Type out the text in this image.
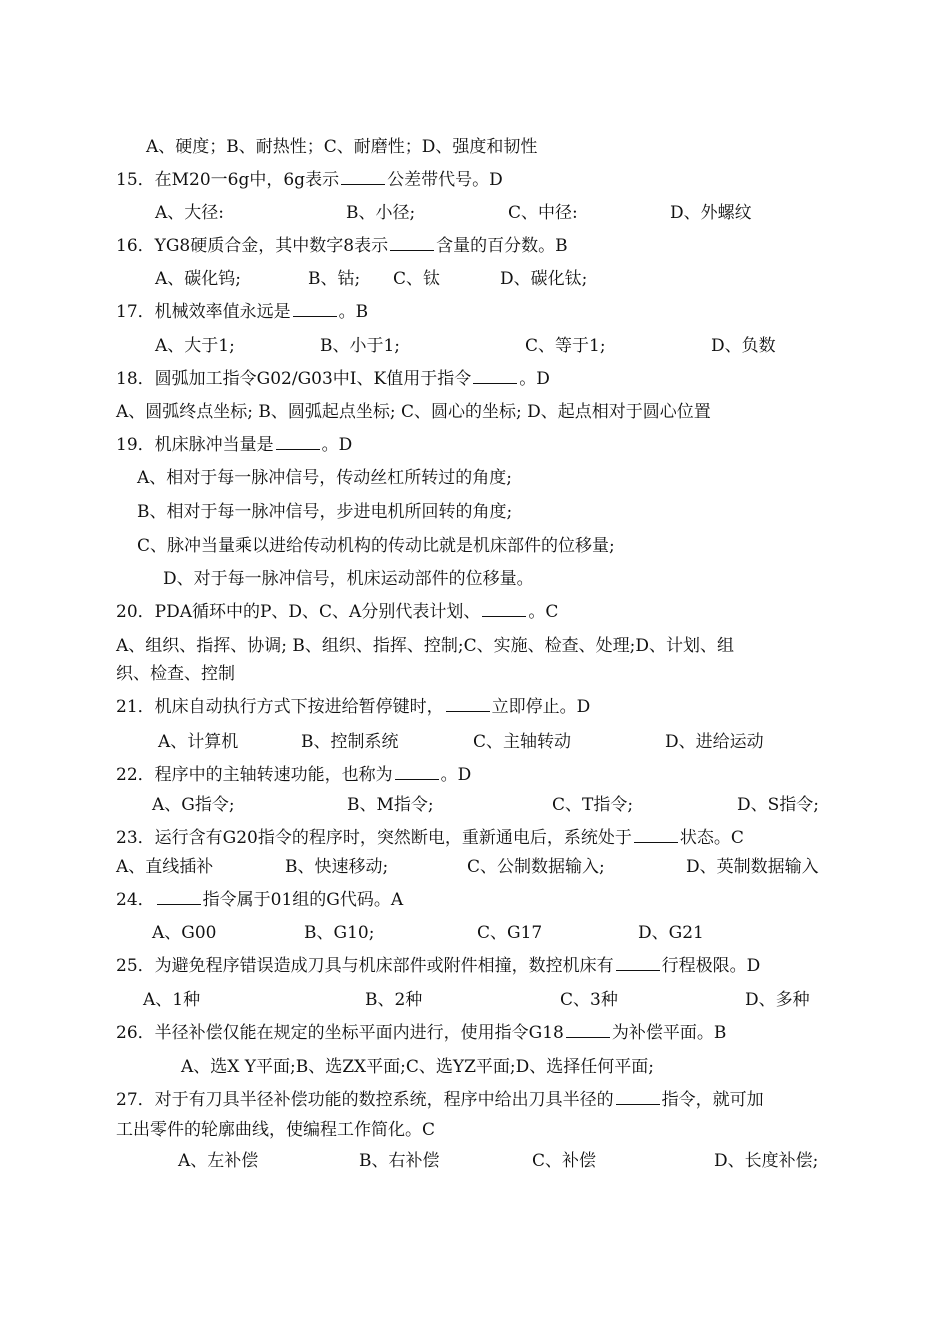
A、硬度；B、耐热性；C、耐磨性；D、强度和韧性
15．在M20一6g中，6g表示	公差带代号。D
A、大径:	B、小径;	C、中径:	D、外螺纹
16．YG8硬质合金，其中数字8表示	含量的百分数。B
A、碳化钨;	B、钴; C、钛	D、碳化钛;
17．机械效率值永远是	。B
A、大于1;	B、小于1;	C、等于1;	D、负数
18．圆弧加工指令G02/G03中I、K值用于指令	。D
A、圆弧终点坐标; B、圆弧起点坐标; C、圆心的坐标; D、起点相对于圆心位置
19．机床脉冲当量是	。D
A、相对于每一脉冲信号，传动丝杠所转过的角度;
B、相对于每一脉冲信号，步进电机所回转的角度;
C、脉冲当量乘以进给传动机构的传动比就是机床部件的位移量;
D、对于每一脉冲信号，机床运动部件的位移量。
20．PDA循环中的P、D、C、A分别代表计划、	。C
A、组织、指挥、协调; B、组织、指挥、控制;C、实施、检查、处理;D、计划、组
织、检查、控制
21．机床自动执行方式下按进给暂停键时，	立即停止。D
A、计算机	B、控制系统	C、主轴转动	D、进给运动
22．程序中的主轴转速功能，也称为	。D
A、G指令;	B、M指令;	C、T指令;	D、S指令;
23．运行含有G20指令的程序时，突然断电，重新通电后，系统处于	状态。C
A、直线插补	B、快速移动;	C、公制数据输入;	D、英制数据输入
24．	指令属于01组的G代码。A
A、G00	B、G10;	C、G17	D、G21
25．为避免程序错误造成刀具与机床部件或附件相撞，数控机床有	行程极限。D
A、1种	B、2种	C、3种	D、多种
26．半径补偿仅能在规定的坐标平面内进行，使用指令G18	为补偿平面。B
A、选X Y平面;B、选ZX平面;C、选YZ平面;D、选择任何平面;
27．对于有刀具半径补偿功能的数控系统，程序中给出刀具半径的	指令，就可加
工出零件的轮廓曲线，使编程工作简化。C
A、左补偿	B、右补偿	C、补偿	D、长度补偿;
